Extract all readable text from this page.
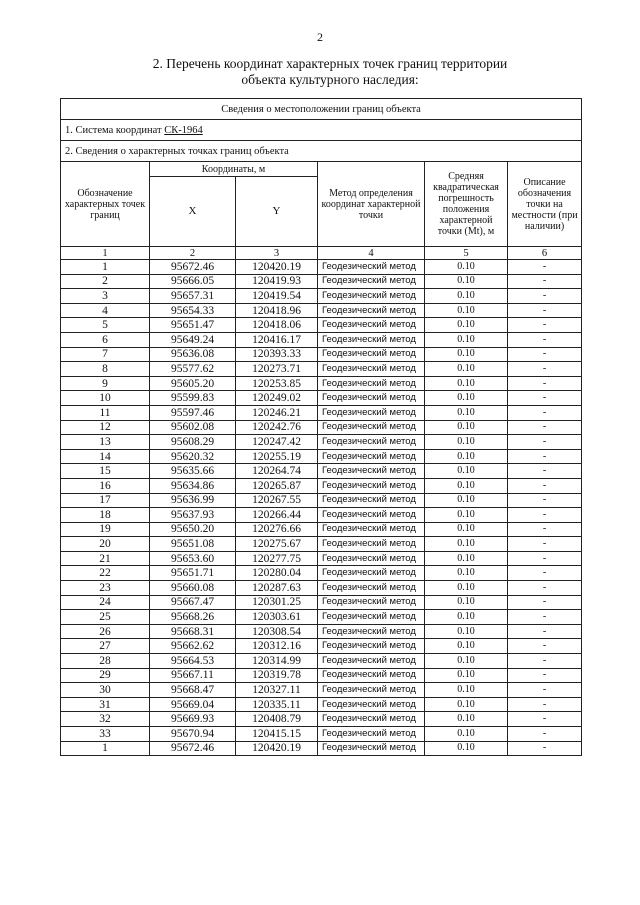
2
2. Перечень координат характерных точек границ территории
объекта культурного наследия:
Сведения о местоположении границ объекта					
1. Система координат СК-1964					
2. Сведения о характерных точках границ объекта					
Обозначение характерных точек границ	Координаты, м		Метод определения координат характерной точки	Средняя квадратическая погрешность положения характерной точки (Mt), м	Описание обозначения точки на местности (при наличии)
	X	Y			
1	2	3	4	5	6
1	95672.46	120420.19	Геодезический метод	0.10	-
2	95666.05	120419.93	Геодезический метод	0.10	-
3	95657.31	120419.54	Геодезический метод	0.10	-
4	95654.33	120418.96	Геодезический метод	0.10	-
5	95651.47	120418.06	Геодезический метод	0.10	-
6	95649.24	120416.17	Геодезический метод	0.10	-
7	95636.08	120393.33	Геодезический метод	0.10	-
8	95577.62	120273.71	Геодезический метод	0.10	-
9	95605.20	120253.85	Геодезический метод	0.10	-
10	95599.83	120249.02	Геодезический метод	0.10	-
11	95597.46	120246.21	Геодезический метод	0.10	-
12	95602.08	120242.76	Геодезический метод	0.10	-
13	95608.29	120247.42	Геодезический метод	0.10	-
14	95620.32	120255.19	Геодезический метод	0.10	-
15	95635.66	120264.74	Геодезический метод	0.10	-
16	95634.86	120265.87	Геодезический метод	0.10	-
17	95636.99	120267.55	Геодезический метод	0.10	-
18	95637.93	120266.44	Геодезический метод	0.10	-
19	95650.20	120276.66	Геодезический метод	0.10	-
20	95651.08	120275.67	Геодезический метод	0.10	-
21	95653.60	120277.75	Геодезический метод	0.10	-
22	95651.71	120280.04	Геодезический метод	0.10	-
23	95660.08	120287.63	Геодезический метод	0.10	-
24	95667.47	120301.25	Геодезический метод	0.10	-
25	95668.26	120303.61	Геодезический метод	0.10	-
26	95668.31	120308.54	Геодезический метод	0.10	-
27	95662.62	120312.16	Геодезический метод	0.10	-
28	95664.53	120314.99	Геодезический метод	0.10	-
29	95667.11	120319.78	Геодезический метод	0.10	-
30	95668.47	120327.11	Геодезический метод	0.10	-
31	95669.04	120335.11	Геодезический метод	0.10	-
32	95669.93	120408.79	Геодезический метод	0.10	-
33	95670.94	120415.15	Геодезический метод	0.10	-
1	95672.46	120420.19	Геодезический метод	0.10	-
